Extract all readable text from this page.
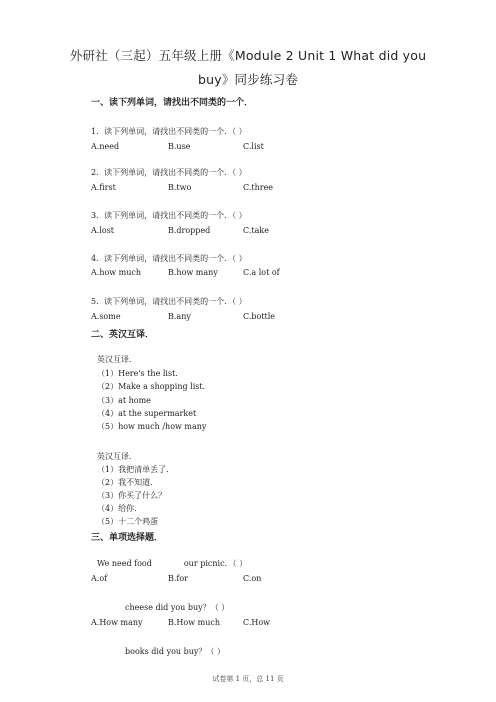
外研社（三起）五年级上册《Module 2 Unit 1 What did you
buy》同步练习卷
一、读下列单词，请找出不同类的一个．
1．读下列单词，请找出不同类的一个．（ ）
A.need	B.use	C.list
2．读下列单词，请找出不同类的一个．（ ）
A.first	B.two	C.three
3．读下列单词，请找出不同类的一个．（ ）
A.lost	B.dropped	C.take
4．读下列单词，请找出不同类的一个．（ ）
A.how much	B.how many	C.a lot of
5．读下列单词，请找出不同类的一个．（ ）
A.some	B.any	C.bottle
二、英汉互译．
英汉互译．
（1）Here's the list．
（2）Make a shopping list．
（3）at home
（4）at the supermarket
（5）how much /how many
英汉互译．
（1）我把清单丢了．
（2）我不知道．
（3）你买了什么？
（4）给你．
（5）十二个鸡蛋
三、单项选择题．
We need food	our picnic．（ ）
A.of	B.for	C.on
cheese did you buy？（ ）
A.How many	B.How much	C.How
books did you buy？（ ）
试卷第 1 页，总 11 页
